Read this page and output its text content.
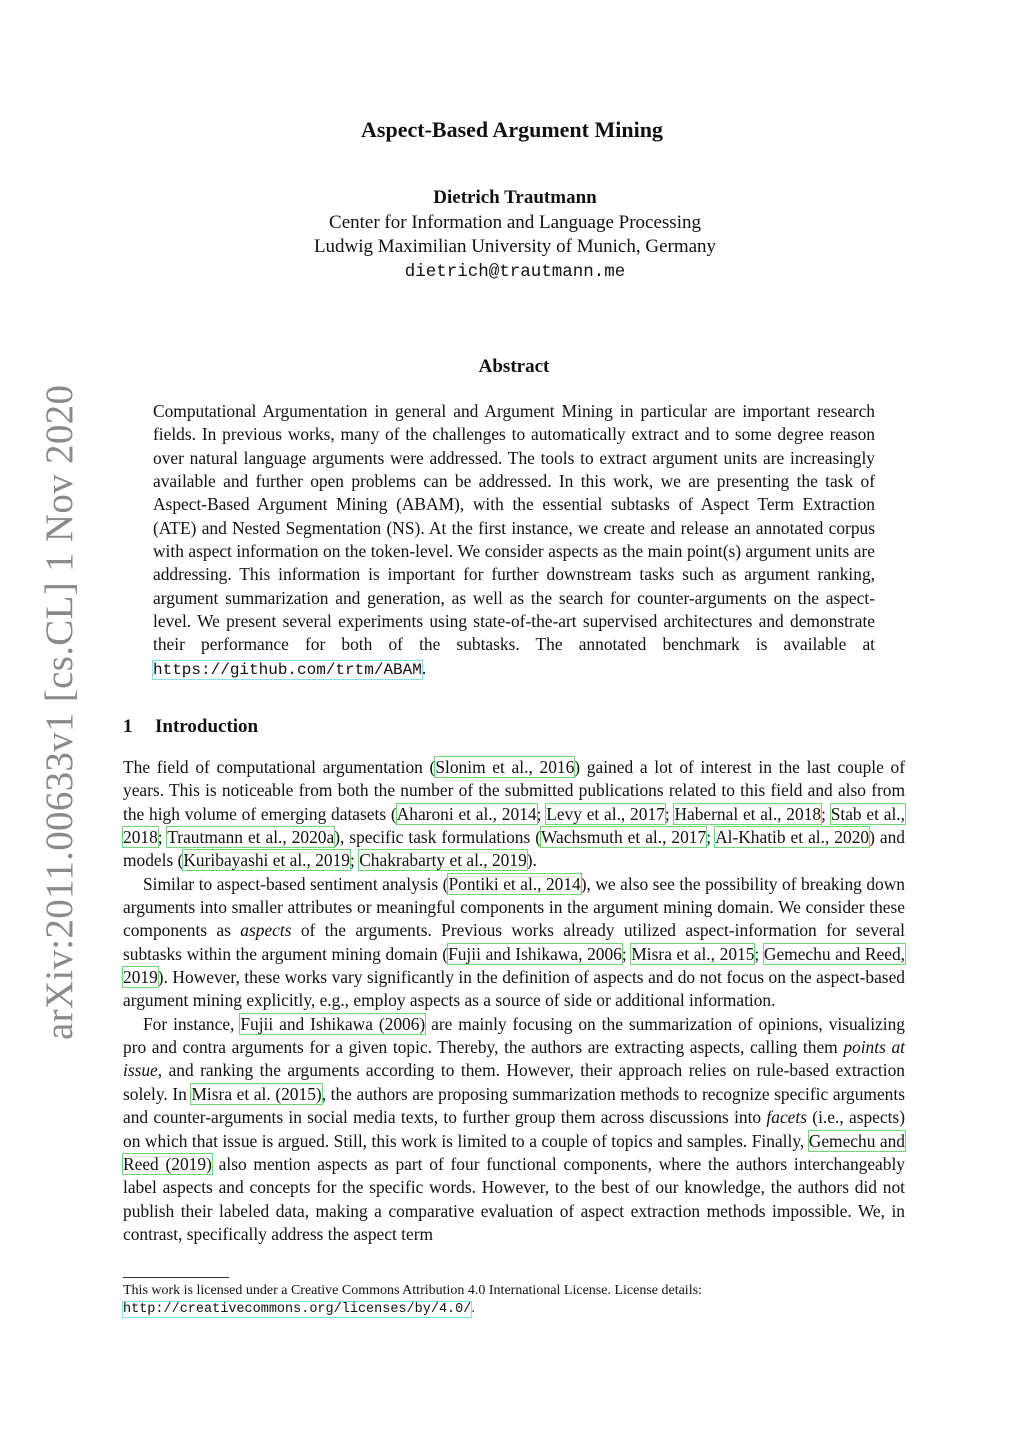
arXiv:2011.00633v1 [cs.CL] 1 Nov 2020
Aspect-Based Argument Mining
Dietrich Trautmann
Center for Information and Language Processing
Ludwig Maximilian University of Munich, Germany
dietrich@trautmann.me
Abstract

Computational Argumentation in general and Argument Mining in particular are important research fields. In previous works, many of the challenges to automatically extract and to some degree reason over natural language arguments were addressed. The tools to extract argument units are increasingly available and further open problems can be addressed. In this work, we are presenting the task of Aspect-Based Argument Mining (ABAM), with the essential subtasks of Aspect Term Extraction (ATE) and Nested Segmentation (NS). At the first instance, we create and release an annotated corpus with aspect information on the token-level. We consider aspects as the main point(s) argument units are addressing. This information is important for further downstream tasks such as argument ranking, argument summarization and generation, as well as the search for counter-arguments on the aspect-level. We present several experiments using state-of-the-art supervised architectures and demonstrate their performance for both of the subtasks. The annotated benchmark is available at https://github.com/trtm/ABAM.

1 Introduction

The field of computational argumentation (Slonim et al., 2016) gained a lot of interest in the last couple of years. This is noticeable from both the number of the submitted publications related to this field and also from the high volume of emerging datasets (Aharoni et al., 2014; Levy et al., 2017; Habernal et al., 2018; Stab et al., 2018; Trautmann et al., 2020a), specific task formulations (Wachsmuth et al., 2017; Al-Khatib et al., 2020) and models (Kuribayashi et al., 2019; Chakrabarty et al., 2019).

Similar to aspect-based sentiment analysis (Pontiki et al., 2014), we also see the possibility of breaking down arguments into smaller attributes or meaningful components in the argument mining domain. We consider these components as aspects of the arguments. Previous works already utilized aspect-information for several subtasks within the argument mining domain (Fujii and Ishikawa, 2006; Misra et al., 2015; Gemechu and Reed, 2019). However, these works vary significantly in the definition of aspects and do not focus on the aspect-based argument mining explicitly, e.g., employ aspects as a source of side or additional information.

For instance, Fujii and Ishikawa (2006) are mainly focusing on the summarization of opinions, visualizing pro and contra arguments for a given topic. Thereby, the authors are extracting aspects, calling them points at issue, and ranking the arguments according to them. However, their approach relies on rule-based extraction solely. In Misra et al. (2015), the authors are proposing summarization methods to recognize specific arguments and counter-arguments in social media texts, to further group them across discussions into facets (i.e., aspects) on which that issue is argued. Still, this work is limited to a couple of topics and samples. Finally, Gemechu and Reed (2019) also mention aspects as part of four functional components, where the authors interchangeably label aspects and concepts for the specific words. However, to the best of our knowledge, the authors did not publish their labeled data, making a comparative evaluation of aspect extraction methods impossible. We, in contrast, specifically address the aspect term

This work is licensed under a Creative Commons Attribution 4.0 International License. License details:
http://creativecommons.org/licenses/by/4.0/.
